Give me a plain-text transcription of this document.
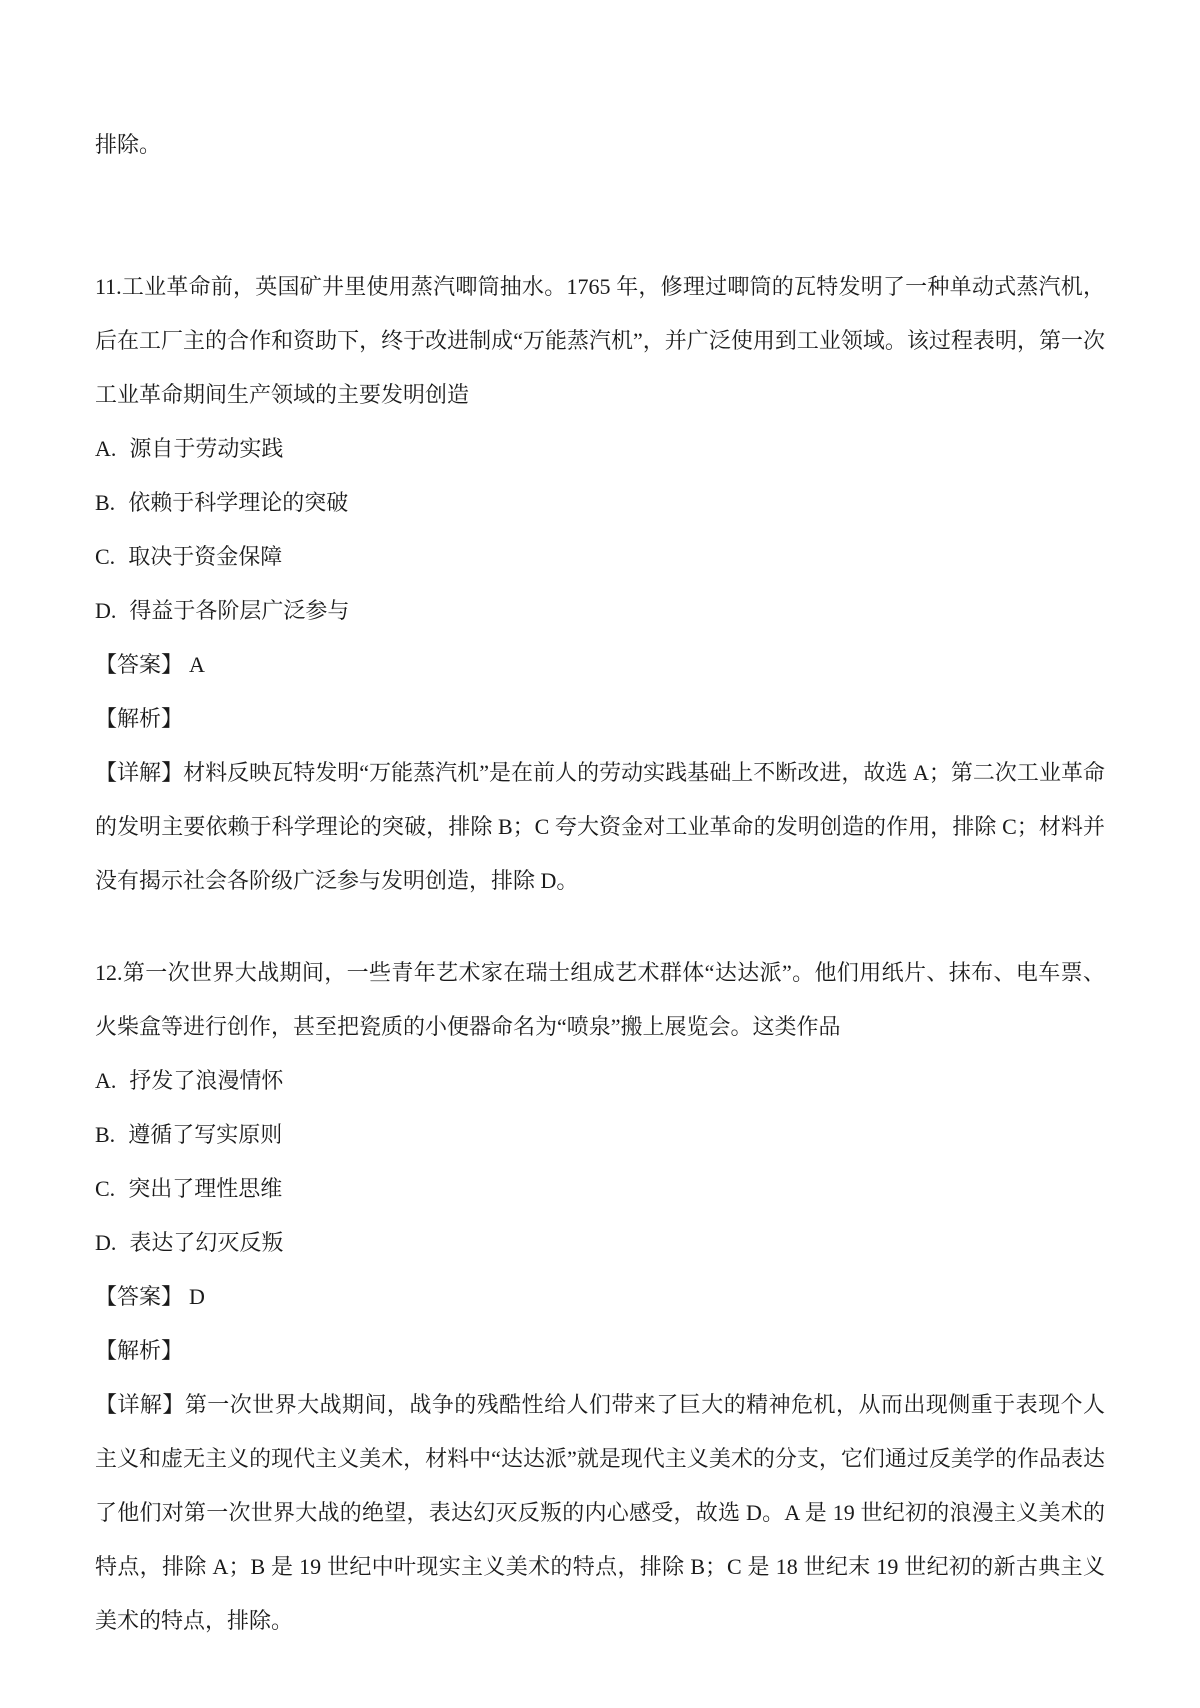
排除。

11.工业革命前，英国矿井里使用蒸汽唧筒抽水。1765 年，修理过唧筒的瓦特发明了一种单动式蒸汽机，后在工厂主的合作和资助下，终于改进制成“万能蒸汽机”，并广泛使用到工业领域。该过程表明，第一次工业革命期间生产领域的主要发明创造

A. 源自于劳动实践

B. 依赖于科学理论的突破

C. 取决于资金保障

D. 得益于各阶层广泛参与

【答案】 A

【解析】

【详解】材料反映瓦特发明“万能蒸汽机”是在前人的劳动实践基础上不断改进，故选 A；第二次工业革命的发明主要依赖于科学理论的突破，排除 B；C 夸大资金对工业革命的发明创造的作用，排除 C；材料并没有揭示社会各阶级广泛参与发明创造，排除 D。

12.第一次世界大战期间，一些青年艺术家在瑞士组成艺术群体“达达派”。他们用纸片、抹布、电车票、火柴盒等进行创作，甚至把瓷质的小便器命名为“喷泉”搬上展览会。这类作品

A. 抒发了浪漫情怀

B. 遵循了写实原则

C. 突出了理性思维

D. 表达了幻灭反叛

【答案】 D

【解析】

【详解】第一次世界大战期间，战争的残酷性给人们带来了巨大的精神危机，从而出现侧重于表现个人主义和虚无主义的现代主义美术，材料中“达达派”就是现代主义美术的分支，它们通过反美学的作品表达了他们对第一次世界大战的绝望，表达幻灭反叛的内心感受，故选 D。A 是 19 世纪初的浪漫主义美术的特点，排除 A；B 是 19 世纪中叶现实主义美术的特点，排除 B；C 是 18 世纪末 19 世纪初的新古典主义美术的特点，排除。
